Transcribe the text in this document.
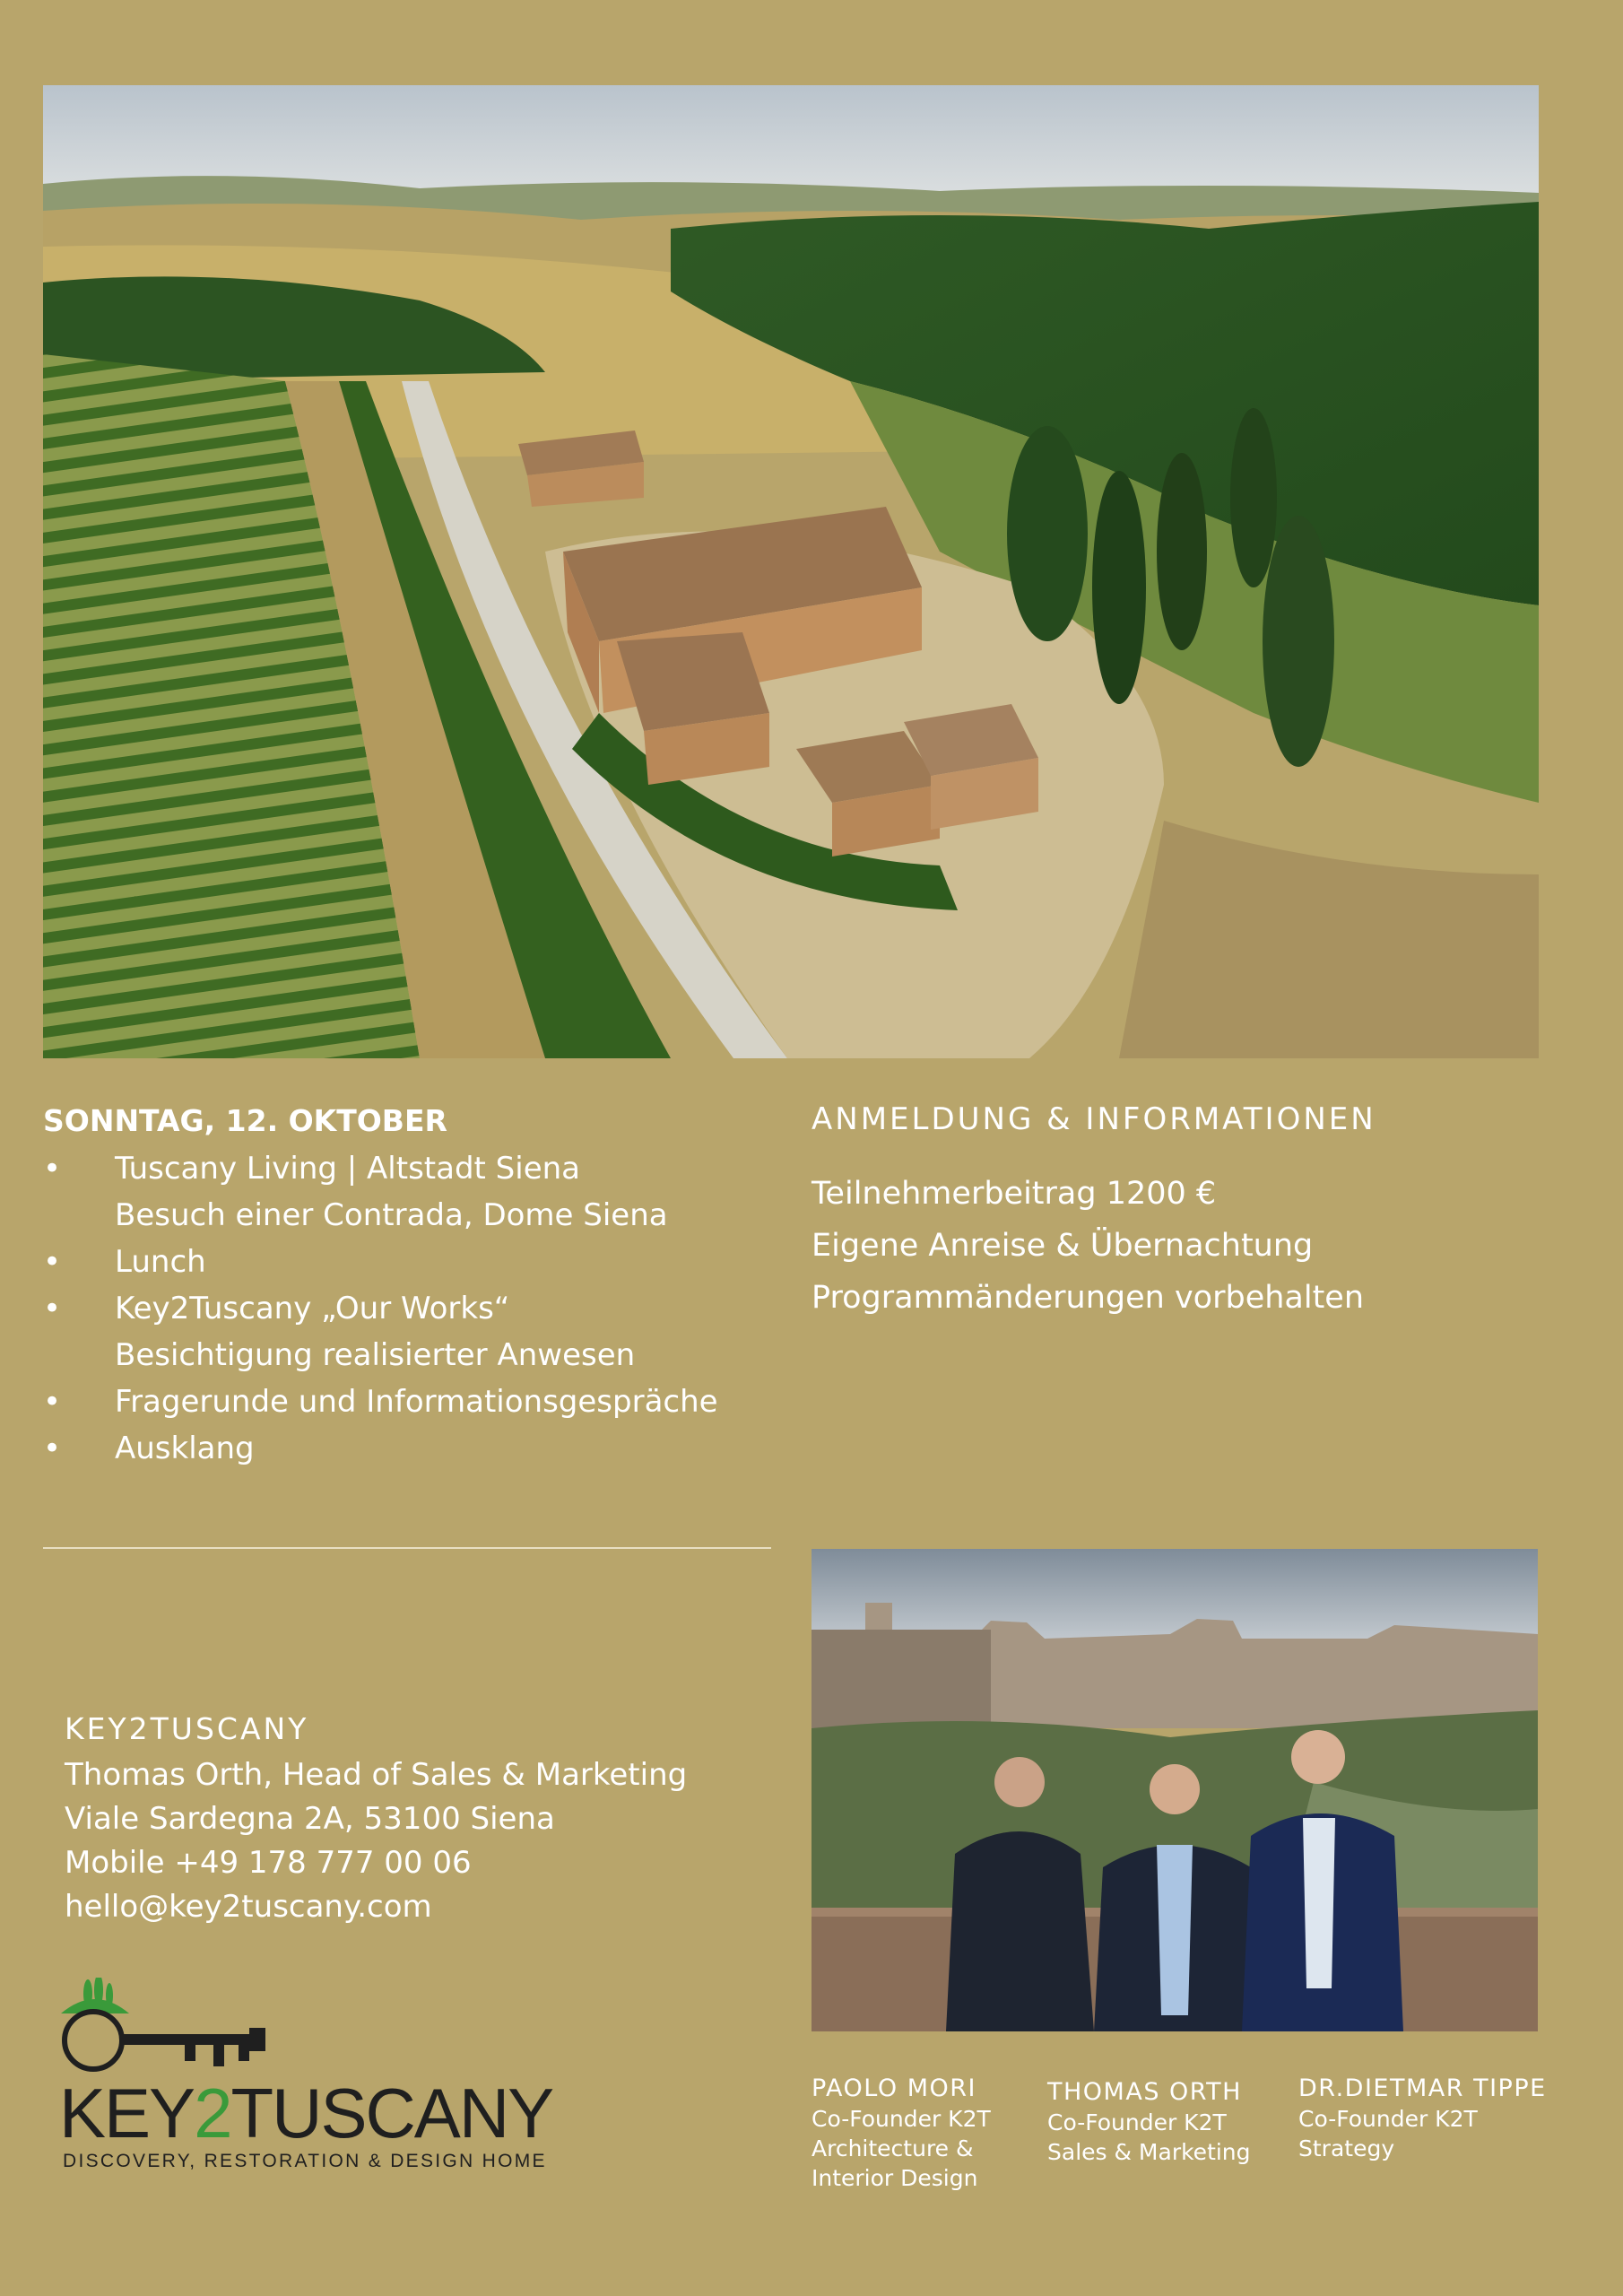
SONNTAG, 12. OKTOBER
•	Tuscany Living | Altstadt Siena
Besuch einer Contrada, Dome Siena
•	Lunch
•	Key2Tuscany „Our Works“
Besichtigung realisierter Anwesen
•	Fragerunde und Informationsgespräche
•	Ausklang
ANMELDUNG & INFORMATIONEN
Teilnehmerbeitrag 1200 €
Eigene Anreise & Übernachtung
Programmänderungen vorbehalten
KEY2TUSCANY
Thomas Orth, Head of Sales & Marketing
Viale Sardegna 2A, 53100 Siena
Mobile +49 178 777 00 06
hello@key2tuscany.com
KEY2TUSCANY
DISCOVERY, RESTORATION & DESIGN HOME
PAOLO MORI
Co-Founder K2T
Architecture &
Interior Design
THOMAS ORTH
Co-Founder K2T
Sales & Marketing
DR.DIETMAR TIPPE
Co-Founder K2T
Strategy
